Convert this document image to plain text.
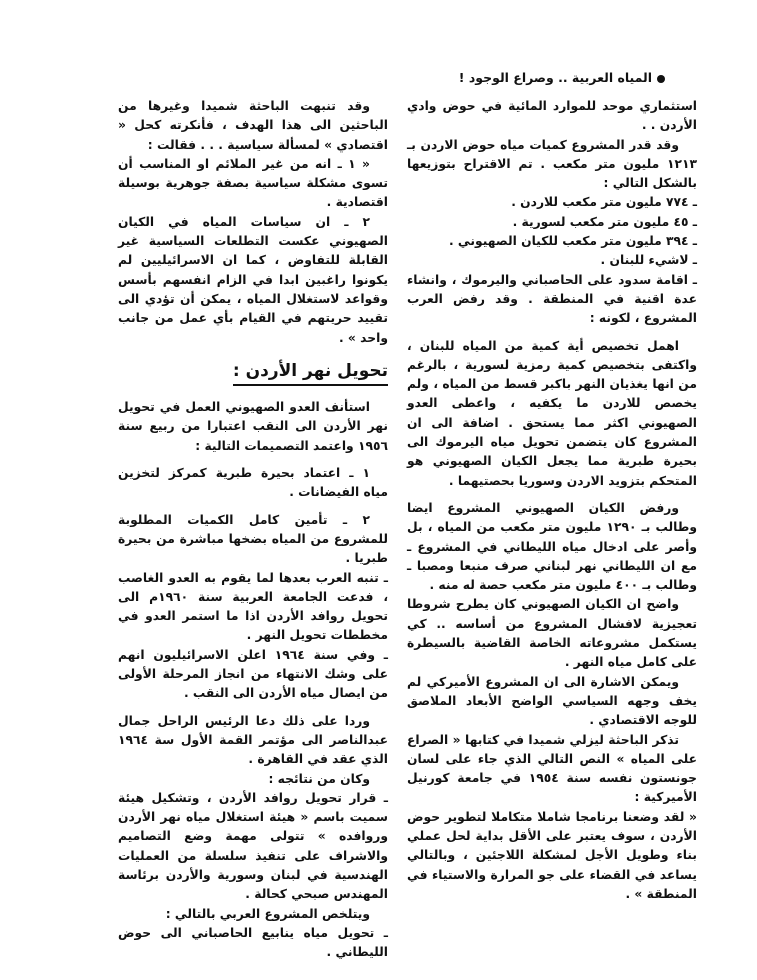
المياه العربية .. وصراع الوجود !

استثماري موحد للموارد المائية في حوض وادي الأردن . .

وقد قدر المشروع كميات مياه حوض الاردن بـ ١٢١٣ مليون متر مكعب . تم الاقتراح بتوزيعها بالشكل التالي :

ـ ٧٧٤ مليون متر مكعب للاردن .

ـ ٤٥ مليون متر مكعب لسورية .

ـ ٣٩٤ مليون متر مكعب للكيان الصهيوني .

ـ لاشيء للبنان .

ـ اقامة سدود على الحاصباني واليرموك ، وانشاء عدة اقنية في المنطقة . وقد رفض العرب المشروع ، لكونه :

اهمل تخصيص أية كمية من المياه للبنان ، واكتفى بتخصيص كمية رمزية لسورية ، بالرغم من انها يغذيان النهر باكبر قسط من المياه ، ولم يخصص للاردن ما يكفيه ، واعطى العدو الصهيوني اكثر مما يستحق . اضافة الى ان المشروع كان يتضمن تحويل مياه اليرموك الى بحيرة طبرية مما يجعل الكيان الصهيوني هو المتحكم بتزويد الاردن وسوريا بحصتيهما .

ورفض الكيان الصهيوني المشروع ايضا وطالب بـ ١٢٩٠ مليون متر مكعب من المياه ، بل وأصر على ادخال مياه الليطاني في المشروع ـ مع ان الليطاني نهر لبناني صرف منبعا ومصبا ـ وطالب بـ ٤٠٠ مليون متر مكعب حصة له منه .

واضح ان الكيان الصهيوني كان يطرح شروطا تعجيزية لافشال المشروع من أساسه .. كي يستكمل مشروعاته الخاصة القاضية بالسيطرة على كامل مياه النهر .

ويمكن الاشارة الى ان المشروع الأميركي لم يخف وجهه السياسي الواضح الأبعاد الملاصق للوجه الاقتصادي .

تذكر الباحثة ليزلي شميدا في كتابها « الصراع على المياه » النص التالي الذي جاء على لسان جونستون نفسه سنة ١٩٥٤ في جامعة كورنيل الأميركية :

« لقد وضعنا برنامجا شاملا متكاملا لتطوير حوض الأردن ، سوف يعتبر على الأقل بداية لحل عملي بناء وطويل الأجل لمشكلة اللاجئين ، وبالتالي يساعد في القضاء على جو المرارة والاستياء في المنطقة » .

وقد تنبهت الباحثة شميدا وغيرها من الباحثين الى هذا الهدف ، فأنكرته كحل « اقتصادي » لمسألة سياسية . . . فقالت :

« ١ ـ انه من غير الملائم او المناسب أن تسوى مشكلة سياسية بصفة جوهرية بوسيلة اقتصادية .

٢ ـ ان سياسات المياه في الكيان الصهيوني عكست التطلعات السياسية غير القابلة للتفاوض ، كما ان الاسرائيليين لم يكونوا راغبين ابدا في الزام انفسهم بأسس وقواعد لاستغلال المياه ، يمكن أن تؤدي الى تقييد حريتهم في القيام بأي عمل من جانب واحد » .

تحويل نهر الأردن :

استأنف العدو الصهيوني العمل في تحويل نهر الأردن الى النقب اعتبارا من ربيع سنة ١٩٥٦ واعتمد التصميمات التالية :

١ ـ اعتماد بحيرة طبرية كمركز لتخزين مياه الفيضانات .

٢ ـ تأمين كامل الكميات المطلوبة للمشروع من المياه بضخها مباشرة من بحيرة طبريا .

ـ تنبه العرب بعدها لما يقوم به العدو الغاصب ، فدعت الجامعة العربية سنة ١٩٦٠م الى تحويل روافد الأردن اذا ما استمر العدو في مخططات تحويل النهر .

ـ وفي سنة ١٩٦٤ اعلن الاسرائيليون انهم على وشك الانتهاء من انجاز المرحلة الأولى من ايصال مياه الأردن الى النقب .

وردا على ذلك دعا الرئيس الراحل جمال عبدالناصر الى مؤتمر القمة الأول سة ١٩٦٤ الذي عقد في القاهرة .

وكان من نتائجه :

ـ قرار تحويل روافد الأردن ، وتشكيل هيئة سميت باسم « هيئة استغلال مياه نهر الأردن وروافده » تتولى مهمة وضع التصاميم والاشراف على تنفيذ سلسلة من العمليات الهندسية في لبنان وسورية والأردن برئاسة المهندس صبحي كحالة .

ويتلخص المشروع العربي بالتالي :

ـ تحويل مياه ينابيع الحاصباني الى حوض الليطاني .
